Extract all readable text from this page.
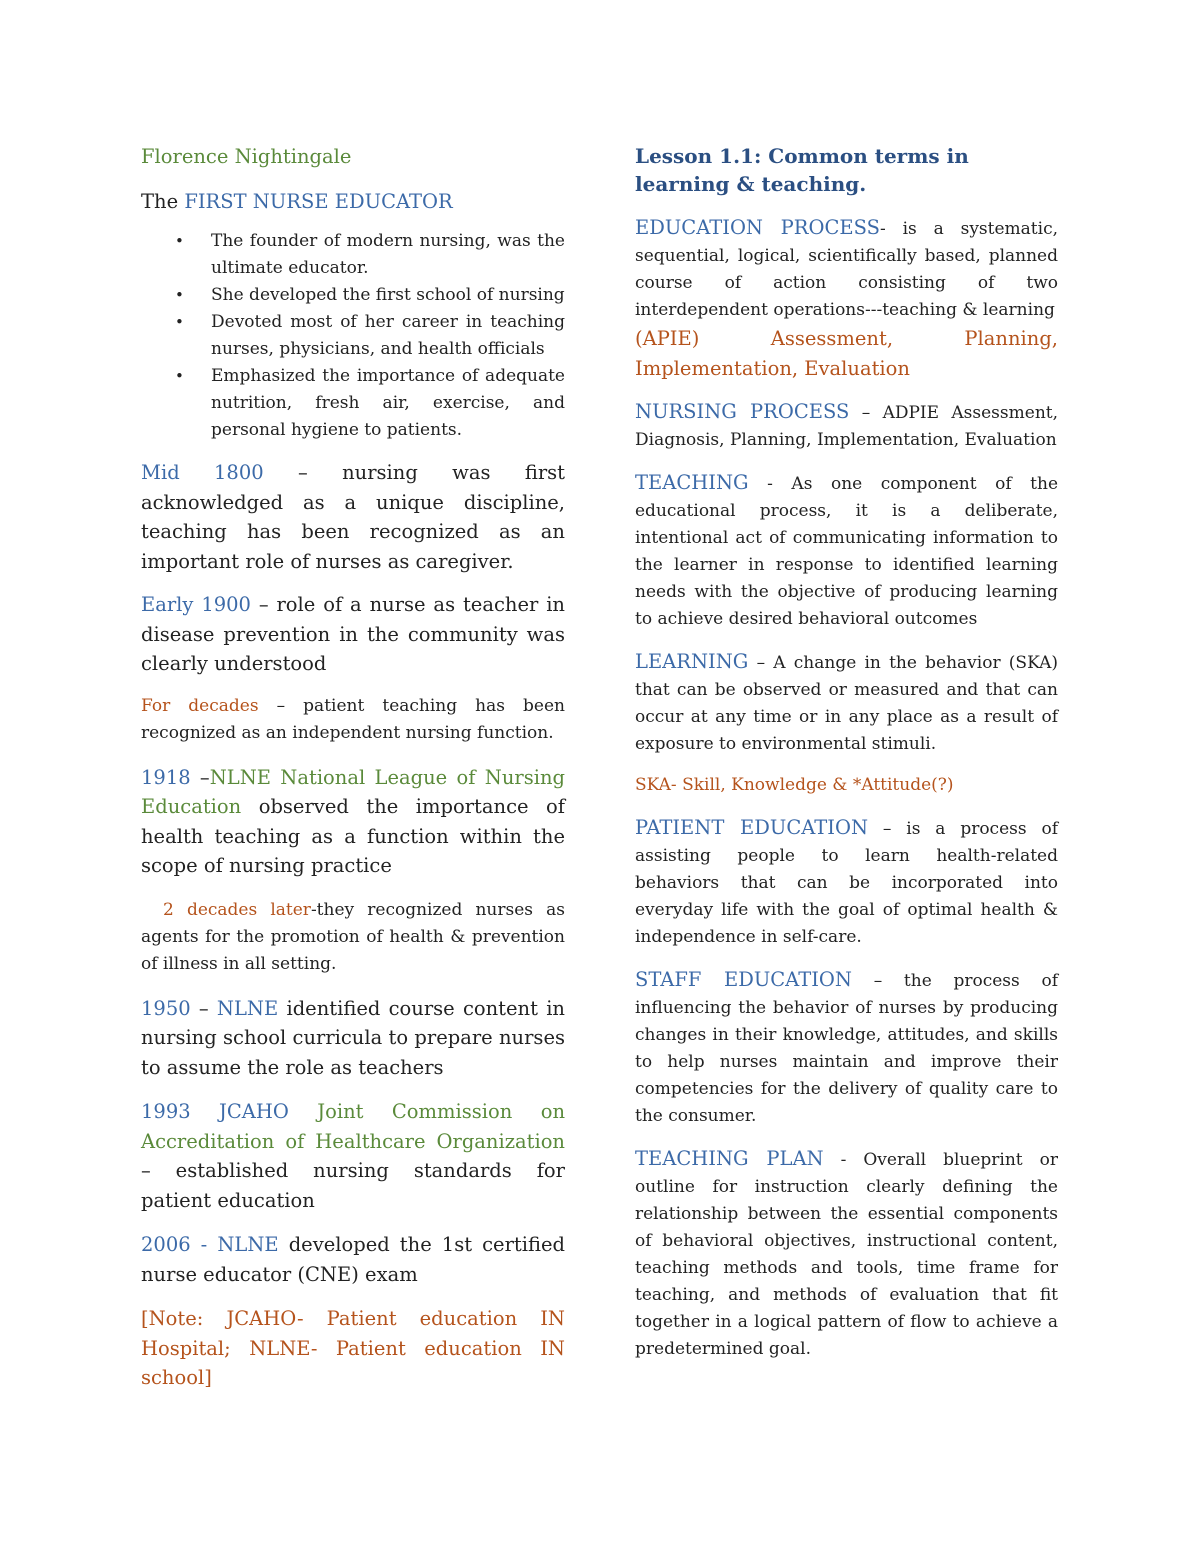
Florence Nightingale

The FIRST NURSE EDUCATOR

• The founder of modern nursing, was the ultimate educator.
• She developed the first school of nursing
• Devoted most of her career in teaching nurses, physicians, and health officials
• Emphasized the importance of adequate nutrition, fresh air, exercise, and personal hygiene to patients.

Mid 1800 – nursing was first acknowledged as a unique discipline, teaching has been recognized as an important role of nurses as caregiver.

Early 1900 – role of a nurse as teacher in disease prevention in the community was clearly understood

For decades – patient teaching has been recognized as an independent nursing function.

1918 –NLNE National League of Nursing Education observed the importance of health teaching as a function within the scope of nursing practice

2 decades later-they recognized nurses as agents for the promotion of health & prevention of illness in all setting.

1950 – NLNE identified course content in nursing school curricula to prepare nurses to assume the role as teachers

1993 JCAHO Joint Commission on Accreditation of Healthcare Organization – established nursing standards for patient education

2006 - NLNE developed the 1st certified nurse educator (CNE) exam

[Note: JCAHO- Patient education IN Hospital; NLNE- Patient education IN school]

Lesson 1.1: Common terms in learning & teaching.

EDUCATION PROCESS- is a systematic, sequential, logical, scientifically based, planned course of action consisting of two interdependent operations---teaching & learning

(APIE) Assessment, Planning, Implementation, Evaluation

NURSING PROCESS – ADPIE Assessment, Diagnosis, Planning, Implementation, Evaluation

TEACHING - As one component of the educational process, it is a deliberate, intentional act of communicating information to the learner in response to identified learning needs with the objective of producing learning to achieve desired behavioral outcomes

LEARNING – A change in the behavior (SKA) that can be observed or measured and that can occur at any time or in any place as a result of exposure to environmental stimuli.

SKA- Skill, Knowledge & *Attitude(?)

PATIENT EDUCATION – is a process of assisting people to learn health-related behaviors that can be incorporated into everyday life with the goal of optimal health & independence in self-care.

STAFF EDUCATION – the process of influencing the behavior of nurses by producing changes in their knowledge, attitudes, and skills to help nurses maintain and improve their competencies for the delivery of quality care to the consumer.

TEACHING PLAN - Overall blueprint or outline for instruction clearly defining the relationship between the essential components of behavioral objectives, instructional content, teaching methods and tools, time frame for teaching, and methods of evaluation that fit together in a logical pattern of flow to achieve a predetermined goal.
